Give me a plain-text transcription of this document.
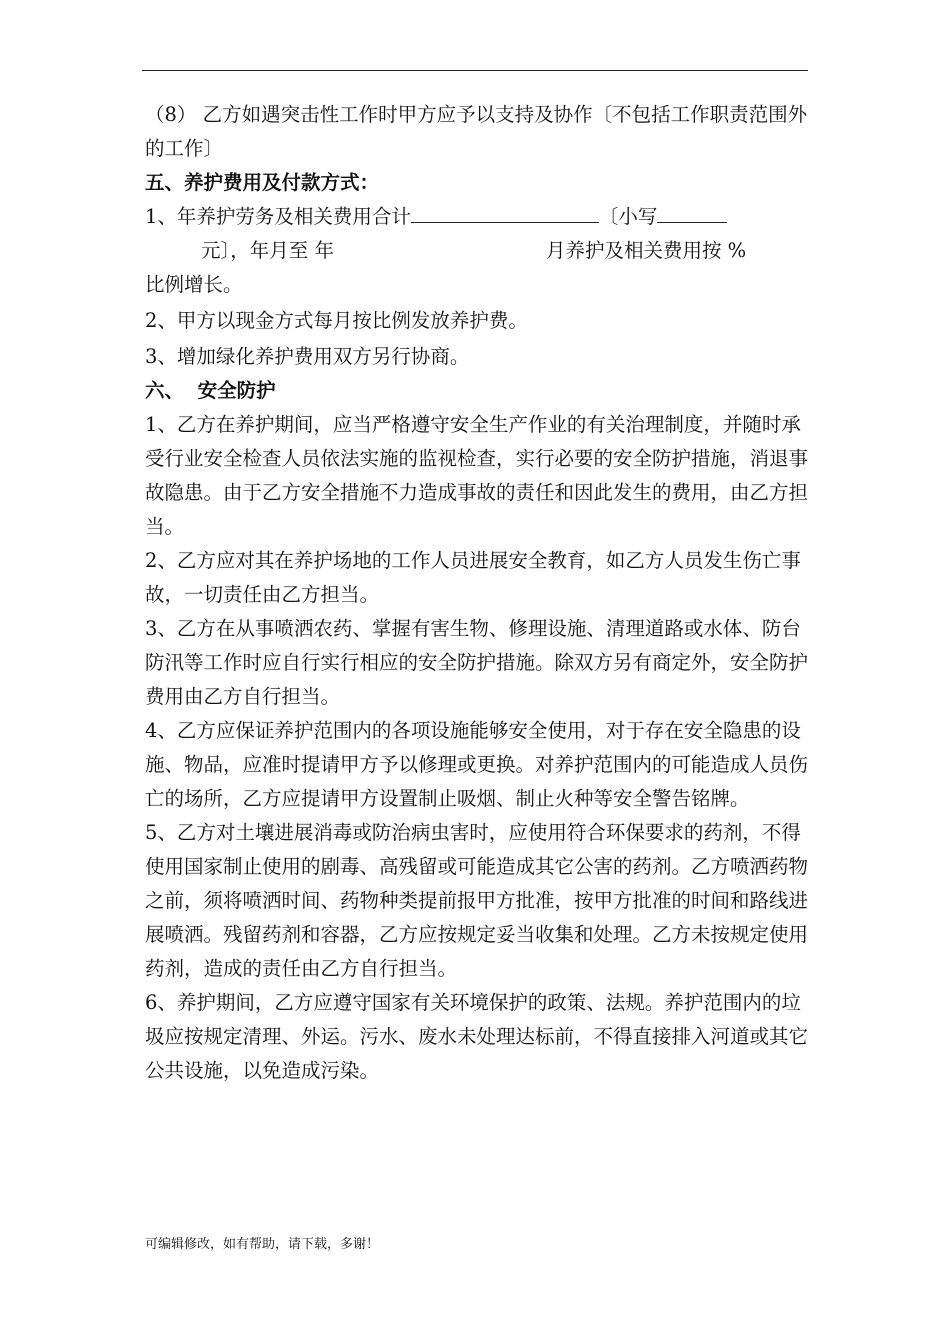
（8） 乙方如遇突击性工作时甲方应予以支持及协作〔不包括工作职责范围外的工作〕

五、养护费用及付款方式：

1、年养护劳务及相关费用合计	〔小写

元〕，年月至 年	月养护及相关费用按 %

比例增长。

2、甲方以现金方式每月按比例发放养护费。

3、增加绿化养护费用双方另行协商。

六、  安全防护

1、乙方在养护期间，应当严格遵守安全生产作业的有关治理制度，并随时承受行业安全检查人员依法实施的监视检查，实行必要的安全防护措施，消退事故隐患。由于乙方安全措施不力造成事故的责任和因此发生的费用，由乙方担当。

2、乙方应对其在养护场地的工作人员进展安全教育，如乙方人员发生伤亡事故，一切责任由乙方担当。

3、乙方在从事喷洒农药、掌握有害生物、修理设施、清理道路或水体、防台防汛等工作时应自行实行相应的安全防护措施。除双方另有商定外，安全防护费用由乙方自行担当。

4、乙方应保证养护范围内的各项设施能够安全使用，对于存在安全隐患的设施、物品，应准时提请甲方予以修理或更换。对养护范围内的可能造成人员伤亡的场所，乙方应提请甲方设置制止吸烟、制止火种等安全警告铭牌。

5、乙方对土壤进展消毒或防治病虫害时，应使用符合环保要求的药剂，不得使用国家制止使用的剧毒、高残留或可能造成其它公害的药剂。乙方喷洒药物之前，须将喷洒时间、药物种类提前报甲方批准，按甲方批准的时间和路线进展喷洒。残留药剂和容器，乙方应按规定妥当收集和处理。乙方未按规定使用药剂，造成的责任由乙方自行担当。

6、养护期间，乙方应遵守国家有关环境保护的政策、法规。养护范围内的垃圾应按规定清理、外运。污水、废水未处理达标前，不得直接排入河道或其它公共设施，以免造成污染。

可编辑修改，如有帮助，请下载，多谢！
